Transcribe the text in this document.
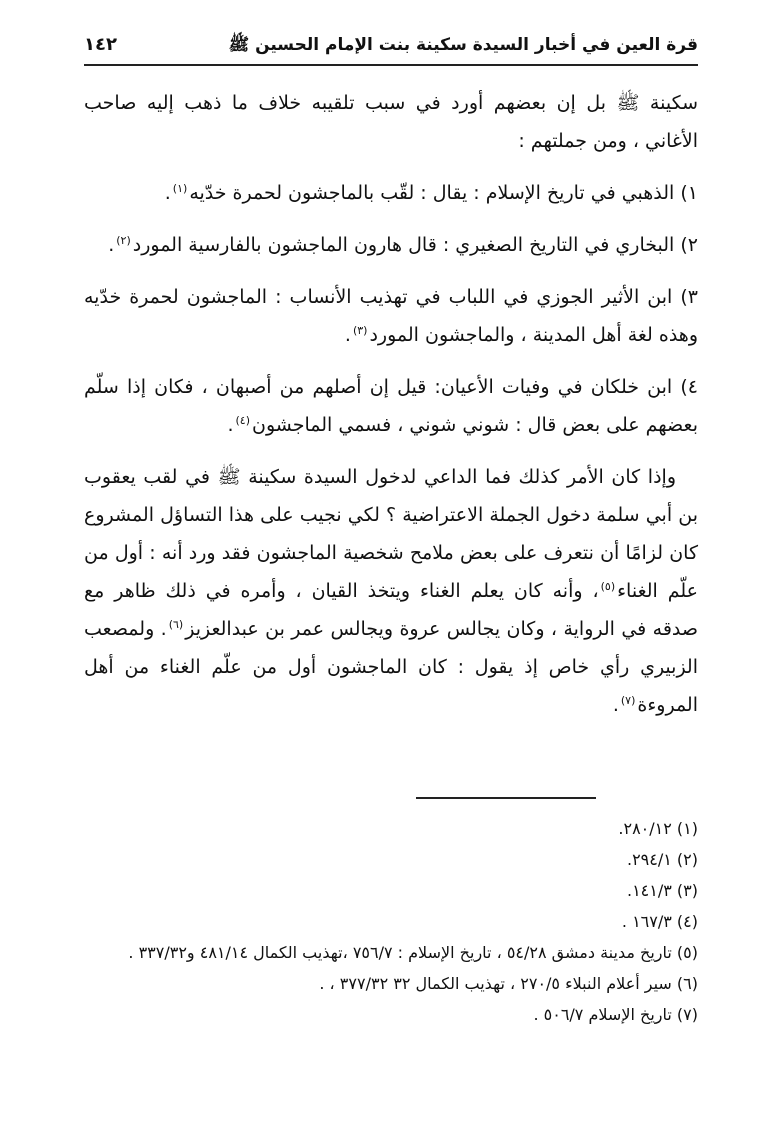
قرة العين في أخبار السيدة سكينة بنت الإمام الحسين ﷺ
١٤٢

سكينة ﷺ بل إن بعضهم أورد في سبب تلقيبه خلاف ما ذهب إليه صاحب الأغاني ، ومن جملتهم :

١) الذهبي في تاريخ الإسلام : يقال : لقّب بالماجشون لحمرة خدّيه$^{(١)}$.

٢) البخاري في التاريخ الصغيري : قال هارون الماجشون بالفارسية المورد$^{(٢)}$.

٣) ابن الأثير الجوزي في اللباب في تهذيب الأنساب : الماجشون لحمرة خدّيه وهذه لغة أهل المدينة ، والماجشون المورد$^{(٣)}$.

٤) ابن خلكان في وفيات الأعيان: قيل إن أصلهم من أصبهان ، فكان إذا سلّم بعضهم على بعض قال : شوني شوني ، فسمي الماجشون$^{(٤)}$.

وإذا كان الأمر كذلك فما الداعي لدخول السيدة سكينة ﷺ في لقب يعقوب بن أبي سلمة دخول الجملة الاعتراضية ؟ لكي نجيب على هذا التساؤل المشروع كان لزامًا أن نتعرف على بعض ملامح شخصية الماجشون فقد ورد أنه : أول من علّم الغناء$^{(٥)}$، وأنه كان يعلم الغناء ويتخذ القيان ، وأمره في ذلك ظاهر مع صدقه في الرواية ، وكان يجالس عروة ويجالس عمر بن عبدالعزيز$^{(٦)}$. ولمصعب الزبيري رأي خاص إذ يقول : كان الماجشون أول من علّم الغناء من أهل المروءة$^{(٧)}$.

(١) ٢٨٠/١٢.
(٢) ٢٩٤/١.
(٣) ١٤١/٣.
(٤) ١٦٧/٣ .
(٥) تاريخ مدينة دمشق ٥٤/٢٨ ، تاريخ الإسلام : ٧٥٦/٧ ،تهذيب الكمال ٤٨١/١٤ و٣٣٧/٣٢ .
(٦) سير أعلام النبلاء ٢٧٠/٥ ، تهذيب الكمال ٣٢ ٣٧٧/٣٢ ، .
(٧) تاريخ الإسلام ٥٠٦/٧ .
